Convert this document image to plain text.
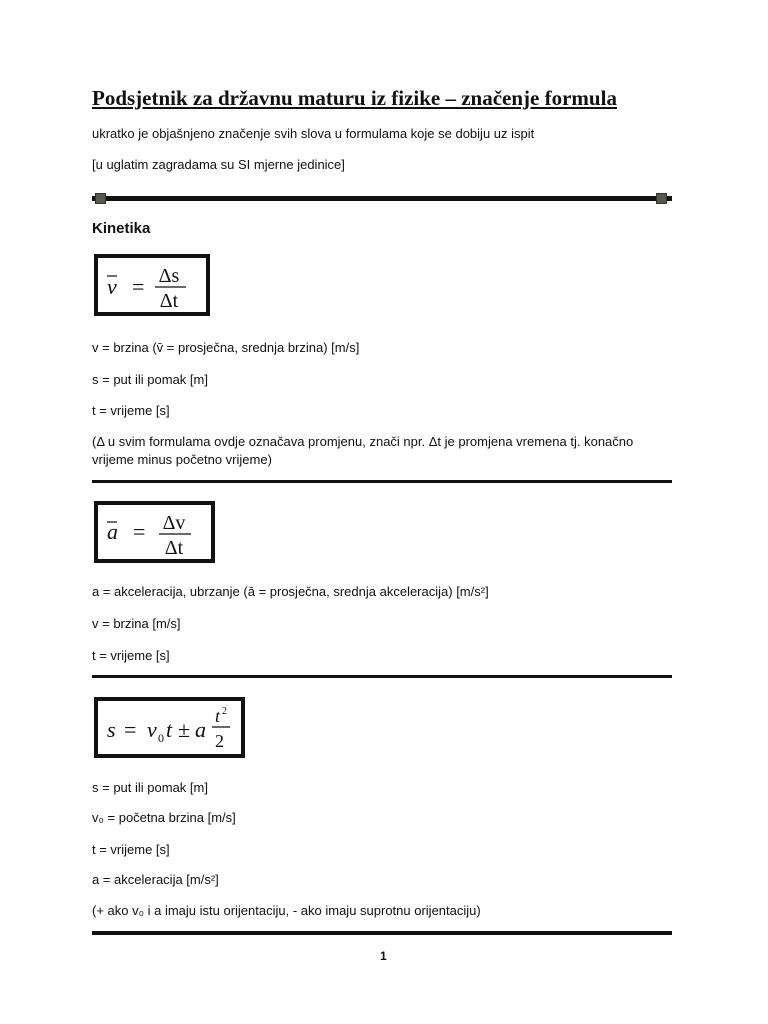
Podsjetnik za državnu maturu iz fizike – značenje formula
ukratko je objašnjeno značenje svih slova u formulama koje se dobiju uz ispit
[u uglatim zagradama su SI mjerne jedinice]
Kinetika
v = Δs
Δt
v = brzina (v̄ = prosječna, srednja brzina) [m/s]
s = put ili pomak [m]
t = vrijeme [s]
(Δ u svim formulama ovdje označava promjenu, znači npr. Δt je promjena vremena tj. konačno
vrijeme minus početno vrijeme)
a = Δv
Δt
a = akceleracija, ubrzanje (ā = prosječna, srednja akceleracija) [m/s²]
v = brzina [m/s]
t = vrijeme [s]
s = v 0 t ± a
t 2
2
s = put ili pomak [m]
v₀ = početna brzina [m/s]
t = vrijeme [s]
a = akceleracija [m/s²]
(+ ako v₀ i a imaju istu orijentaciju, - ako imaju suprotnu orijentaciju)
1
